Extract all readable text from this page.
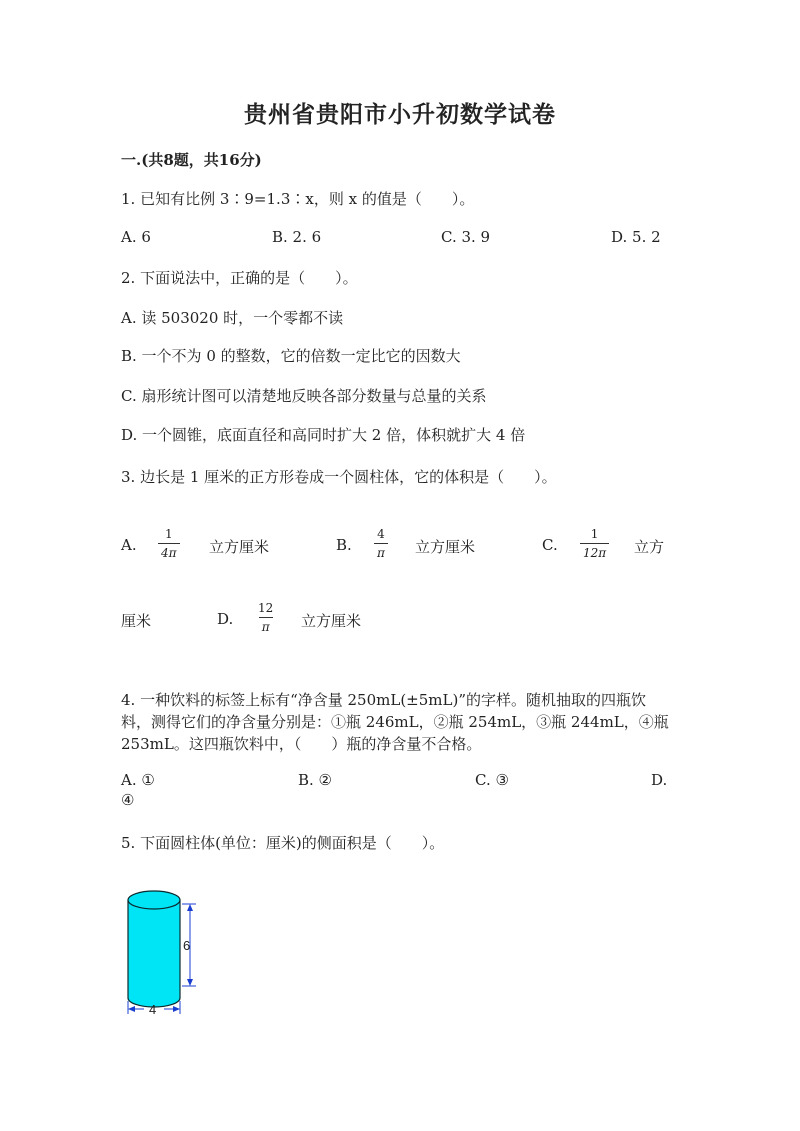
贵州省贵阳市小升初数学试卷
一.(共8题，共16分)
1. 已知有比例 3∶9=1.3∶x，则 x 的值是（　　）。
A. 6	B. 2. 6	C. 3. 9	D. 5. 2
2. 下面说法中，正确的是（　　）。
A. 读 503020 时，一个零都不读
B. 一个不为 0 的整数，它的倍数一定比它的因数大
C. 扇形统计图可以清楚地反映各部分数量与总量的关系
D. 一个圆锥，底面直径和高同时扩大 2 倍，体积就扩大 4 倍
3. 边长是 1 厘米的正方形卷成一个圆柱体，它的体积是（　　）。
A. $\frac{1}{4\pi}$ 立方厘米	B. $\frac{4}{\pi}$ 立方厘米	C. $\frac{1}{12\pi}$ 立方
厘米	D. $\frac{12}{\pi}$ 立方厘米
4. 一种饮料的标签上标有“净含量 250mL(±5mL)”的字样。随机抽取的四瓶饮
料，测得它们的净含量分别是：①瓶 246mL，②瓶 254mL，③瓶 244mL，④瓶
253mL。这四瓶饮料中，（　　）瓶的净含量不合格。
A. ①	B. ②	C. ③	D.
④
5. 下面圆柱体(单位：厘米)的侧面积是（　　）。
6
4
